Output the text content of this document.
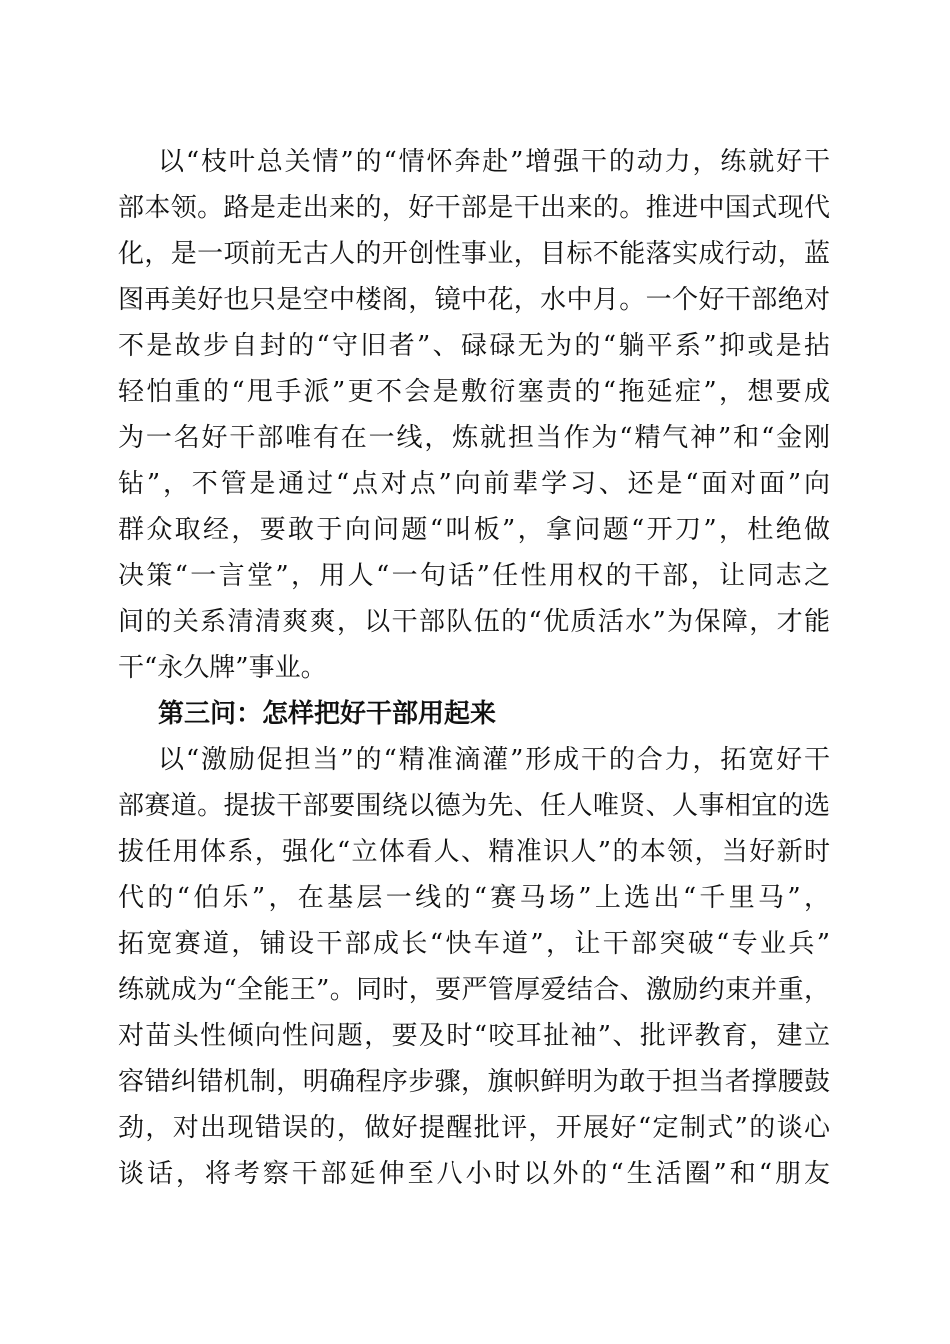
以“枝叶总关情”的“情怀奔赴”增强干的动力，练就好干
部本领。路是走出来的，好干部是干出来的。推进中国式现代
化，是一项前无古人的开创性事业，目标不能落实成行动，蓝
图再美好也只是空中楼阁，镜中花，水中月。一个好干部绝对
不是故步自封的“守旧者”、碌碌无为的“躺平系”抑或是拈
轻怕重的“甩手派”更不会是敷衍塞责的“拖延症”，想要成
为一名好干部唯有在一线，炼就担当作为“精气神”和“金刚
钻”，不管是通过“点对点”向前辈学习、还是“面对面”向
群众取经，要敢于向问题“叫板”，拿问题“开刀”，杜绝做
决策“一言堂”，用人“一句话”任性用权的干部，让同志之
间的关系清清爽爽，以干部队伍的“优质活水”为保障，才能
干“永久牌”事业。
第三问：怎样把好干部用起来
以“激励促担当”的“精准滴灌”形成干的合力，拓宽好干
部赛道。提拔干部要围绕以德为先、任人唯贤、人事相宜的选
拔任用体系，强化“立体看人、精准识人”的本领，当好新时
代的“伯乐”，在基层一线的“赛马场”上选出“千里马”，
拓宽赛道，铺设干部成长“快车道”，让干部突破“专业兵”
练就成为“全能王”。同时，要严管厚爱结合、激励约束并重，
对苗头性倾向性问题，要及时“咬耳扯袖”、批评教育，建立
容错纠错机制，明确程序步骤，旗帜鲜明为敢于担当者撑腰鼓
劲，对出现错误的，做好提醒批评，开展好“定制式”的谈心
谈话，将考察干部延伸至八小时以外的“生活圈”和“朋友
